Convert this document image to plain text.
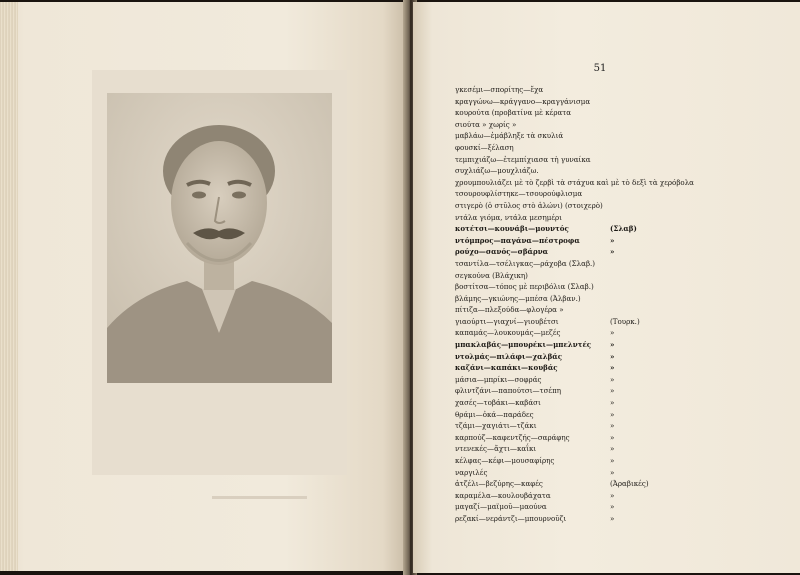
51
γκεσέμι—σπορίτης—ἔχα
κραγγώνω—κράγγανο—κραγγάνισμα
κουρούτα (προβατίνα μὲ κέρατα
σιούτα » χωρίς »
μαβλάω—ἐμάβληξε τὰ σκυλιά
φουσκί—ξέλαση
τεμπιχιάζω—ἐτεμπίχιασα τὴ γυναίκα
συχλιάζω—μουχλιάζω.
χρουμπουλιάζει μὲ τὸ ζερβὶ τὰ στάχυα καὶ μὲ τὸ δεξὶ τὰ χερόβολα
τσουρουφλίστηκε—τσουρούφλισμα
στιγερὸ (ὁ στῦλος στὸ ἁλώνι) (στοιχερὸ)
ντάλα γιόμα, ντάλα μεσημέρι
κοτέτσι—κουνάβι—μουντός	(Σλαβ)
ντόμπρος—παγάνα—πέστροφα	»
ρούχο—σανός—σβάρνα	»
τσαντίλα—τσέλιγκας—ράχοβα (Σλαβ.)
σεγκούνα (Βλάχικη)
βοστίτσα—τόπος μὲ περιβόλια (Σλαβ.)
βλάμης—γκιώνης—μπέσα (Ἀλβαν.)
πίτιζα—πλεξούδα—φλογέρα »
γιαούρτι—γιαχνί—γιουβέτσι	(Τουρκ.)
καπαμάς—λουκουμάς—μεζές	»
μπακλαβάς—μπουρέκι—μπελντές	»
ντολμάς—πιλάφι—χαλβάς	»
καζάνι—καπάκι—κουβάς	»
μάσια—μπρίκι—σοφράς	»
φλιντζάνι—παπούτσι—τσέπη	»
χασές—τοβάκι—καβάσι	»
θράμι—ὀκά—παράδες	»
τζάμι—χαγιάτι—τζάκι	»
καρπούζ—καφεντζής—σαράφης	»
ντενεκές—ἄχτι—καΐκι	»
κέλφας—κέφι—μουσαφίρης	»
ναργιλές	»
ἀτζέλι—βεζύρης—καφές	(Ἀραβικές)
καραμέλα—κουλουβάχατα	»
μαγαζί—μαϊμοῦ—μαούνα	»
ρεζακί—νεράντζι—μπουρνοῦζι	»
